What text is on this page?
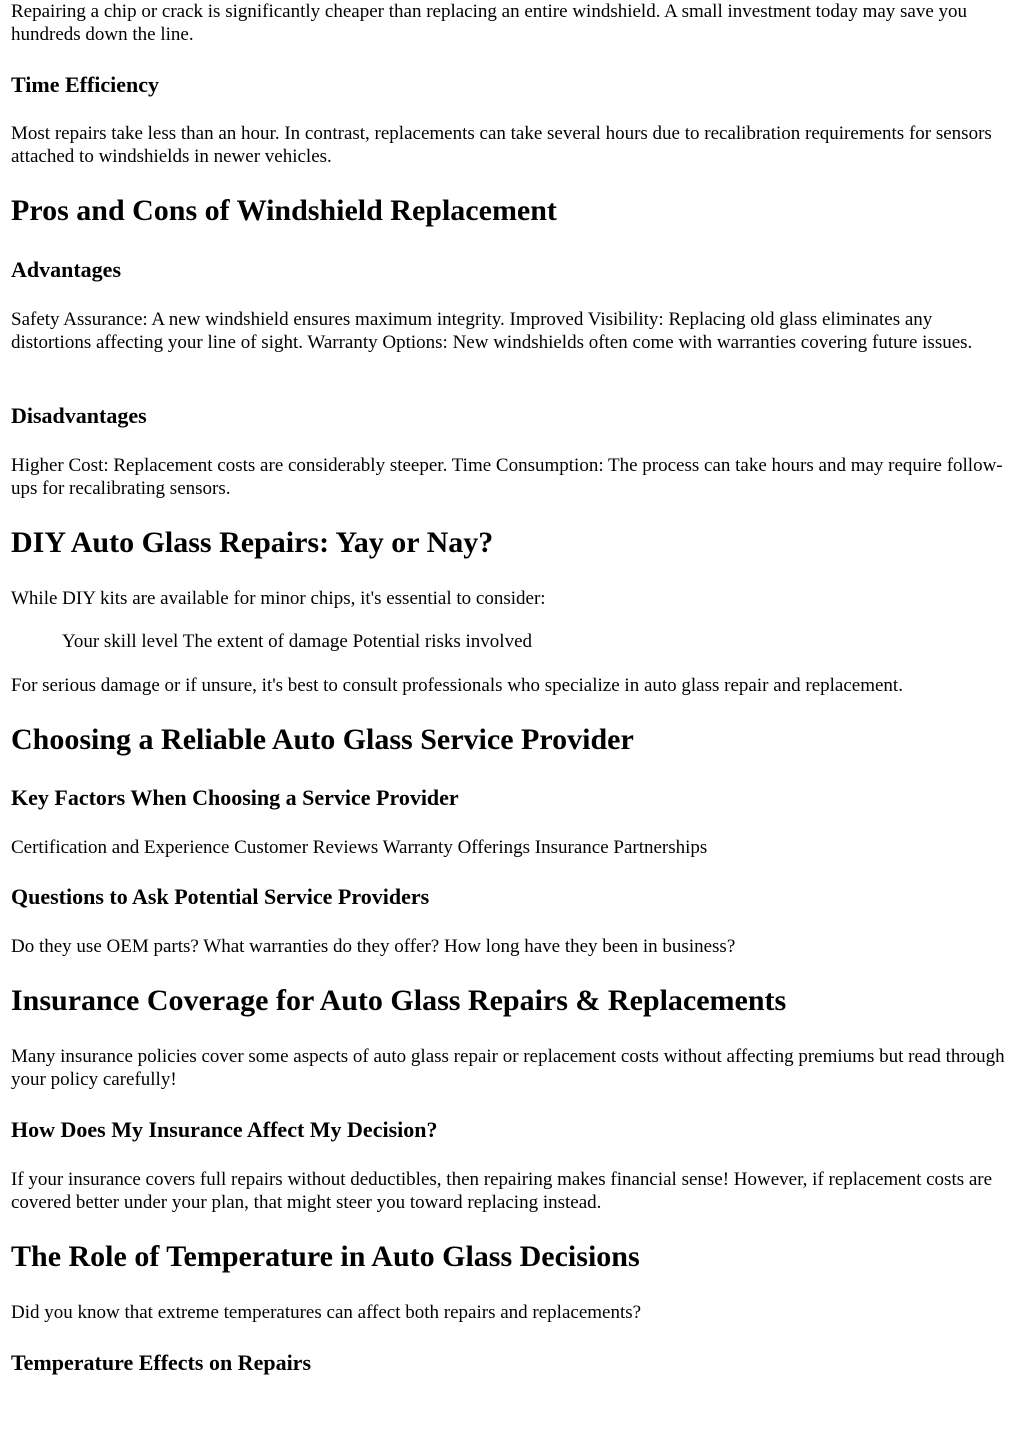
Repairing a chip or crack is significantly cheaper than replacing an entire windshield. A small investment today may save you hundreds down the line.

Time Efficiency

Most repairs take less than an hour. In contrast, replacements can take several hours due to recalibration requirements for sensors attached to windshields in newer vehicles.

Pros and Cons of Windshield Replacement
Advantages

Safety Assurance: A new windshield ensures maximum integrity. Improved Visibility: Replacing old glass eliminates any distortions affecting your line of sight. Warranty Options: New windshields often come with warranties covering future issues.

Disadvantages

Higher Cost: Replacement costs are considerably steeper. Time Consumption: The process can take hours and may require follow-ups for recalibrating sensors.

DIY Auto Glass Repairs: Yay or Nay?

While DIY kits are available for minor chips, it's essential to consider:

Your skill level The extent of damage Potential risks involved

For serious damage or if unsure, it's best to consult professionals who specialize in auto glass repair and replacement.

Choosing a Reliable Auto Glass Service Provider
Key Factors When Choosing a Service Provider

Certification and Experience Customer Reviews Warranty Offerings Insurance Partnerships

Questions to Ask Potential Service Providers

Do they use OEM parts? What warranties do they offer? How long have they been in business?

Insurance Coverage for Auto Glass Repairs & Replacements

Many insurance policies cover some aspects of auto glass repair or replacement costs without affecting premiums but read through your policy carefully!

How Does My Insurance Affect My Decision?

If your insurance covers full repairs without deductibles, then repairing makes financial sense! However, if replacement costs are covered better under your plan, that might steer you toward replacing instead.

The Role of Temperature in Auto Glass Decisions

Did you know that extreme temperatures can affect both repairs and replacements?

Temperature Effects on Repairs
